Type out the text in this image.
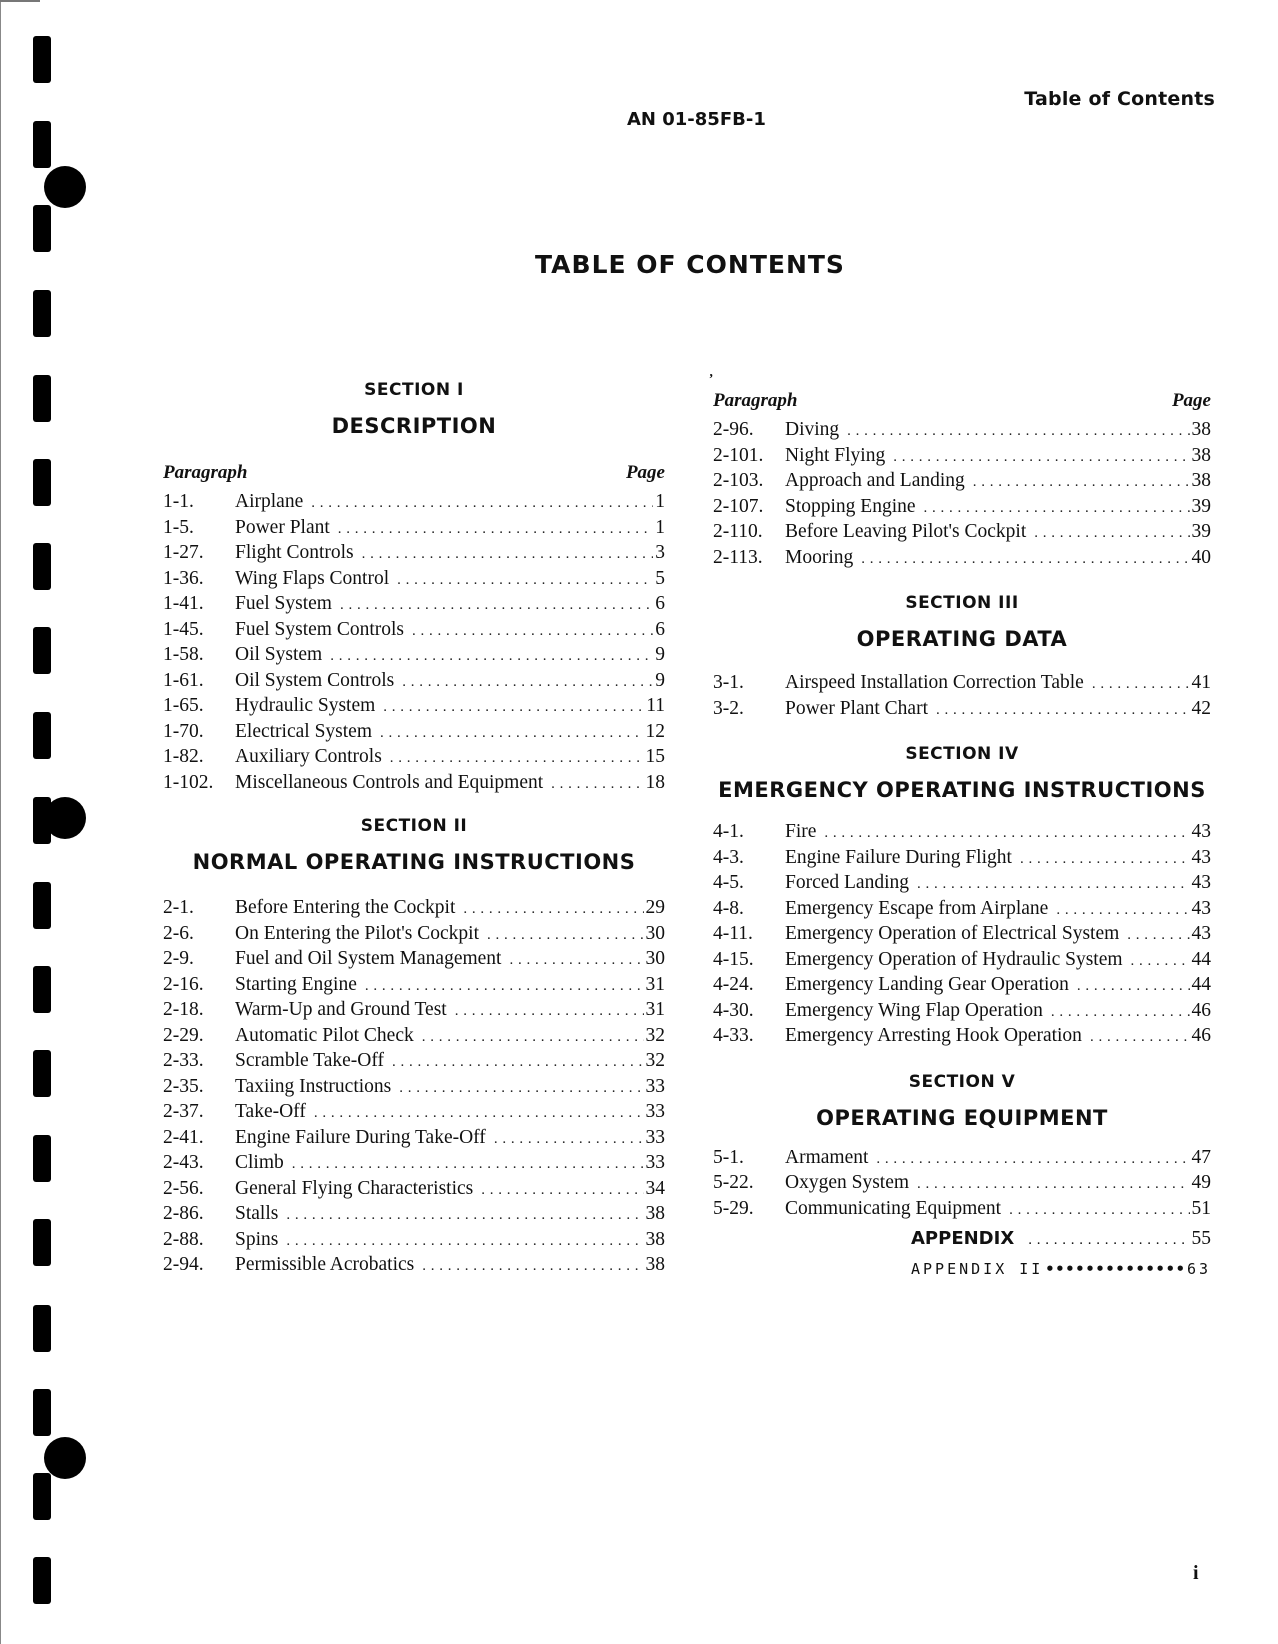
Table of Contents
AN 01-85FB-1
TABLE OF CONTENTS
SECTION I
DESCRIPTION
Paragraph	Page
1-1.	Airplane . . .	1
1-5.	Power Plant . . .	1
1-27.	Flight Controls . . .	3
1-36.	Wing Flaps Control . . .	5
1-41.	Fuel System . . .	6
1-45.	Fuel System Controls . . .	6
1-58.	Oil System . . .	9
1-61.	Oil System Controls . . .	9
1-65.	Hydraulic System . . .	11
1-70.	Electrical System . . .	12
1-82.	Auxiliary Controls . . .	15
1-102.	Miscellaneous Controls and Equipment . . .	18
SECTION II
NORMAL OPERATING INSTRUCTIONS
2-1.	Before Entering the Cockpit . . .	29
2-6.	On Entering the Pilot's Cockpit . . .	30
2-9.	Fuel and Oil System Management . . .	30
2-16.	Starting Engine . . .	31
2-18.	Warm-Up and Ground Test . . .	31
2-29.	Automatic Pilot Check . . .	32
2-33.	Scramble Take-Off . . .	32
2-35.	Taxiing Instructions . . .	33
2-37.	Take-Off . . .	33
2-41.	Engine Failure During Take-Off . . .	33
2-43.	Climb . . .	33
2-56.	General Flying Characteristics . . .	34
2-86.	Stalls . . .	38
2-88.	Spins . . .	38
2-94.	Permissible Acrobatics . . .	38
,
Paragraph	Page
2-96.	Diving . . .	38
2-101.	Night Flying . . .	38
2-103.	Approach and Landing . . .	38
2-107.	Stopping Engine . . .	39
2-110.	Before Leaving Pilot's Cockpit . . .	39
2-113.	Mooring . . .	40
SECTION III
OPERATING DATA
3-1.	Airspeed Installation Correction Table . . .	41
3-2.	Power Plant Chart . . .	42
SECTION IV
EMERGENCY OPERATING INSTRUCTIONS
4-1.	Fire . . .	43
4-3.	Engine Failure During Flight . . .	43
4-5.	Forced Landing . . .	43
4-8.	Emergency Escape from Airplane . . .	43
4-11.	Emergency Operation of Electrical System . . .	43
4-15.	Emergency Operation of Hydraulic System . . .	44
4-24.	Emergency Landing Gear Operation . . .	44
4-30.	Emergency Wing Flap Operation . . .	46
4-33.	Emergency Arresting Hook Operation . . .	46
SECTION V
OPERATING EQUIPMENT
5-1.	Armament . . .	47
5-22.	Oxygen System . . .	49
5-29.	Communicating Equipment . . .	51
APPENDIX . . .	55
APPENDIX II •••••	63
i
